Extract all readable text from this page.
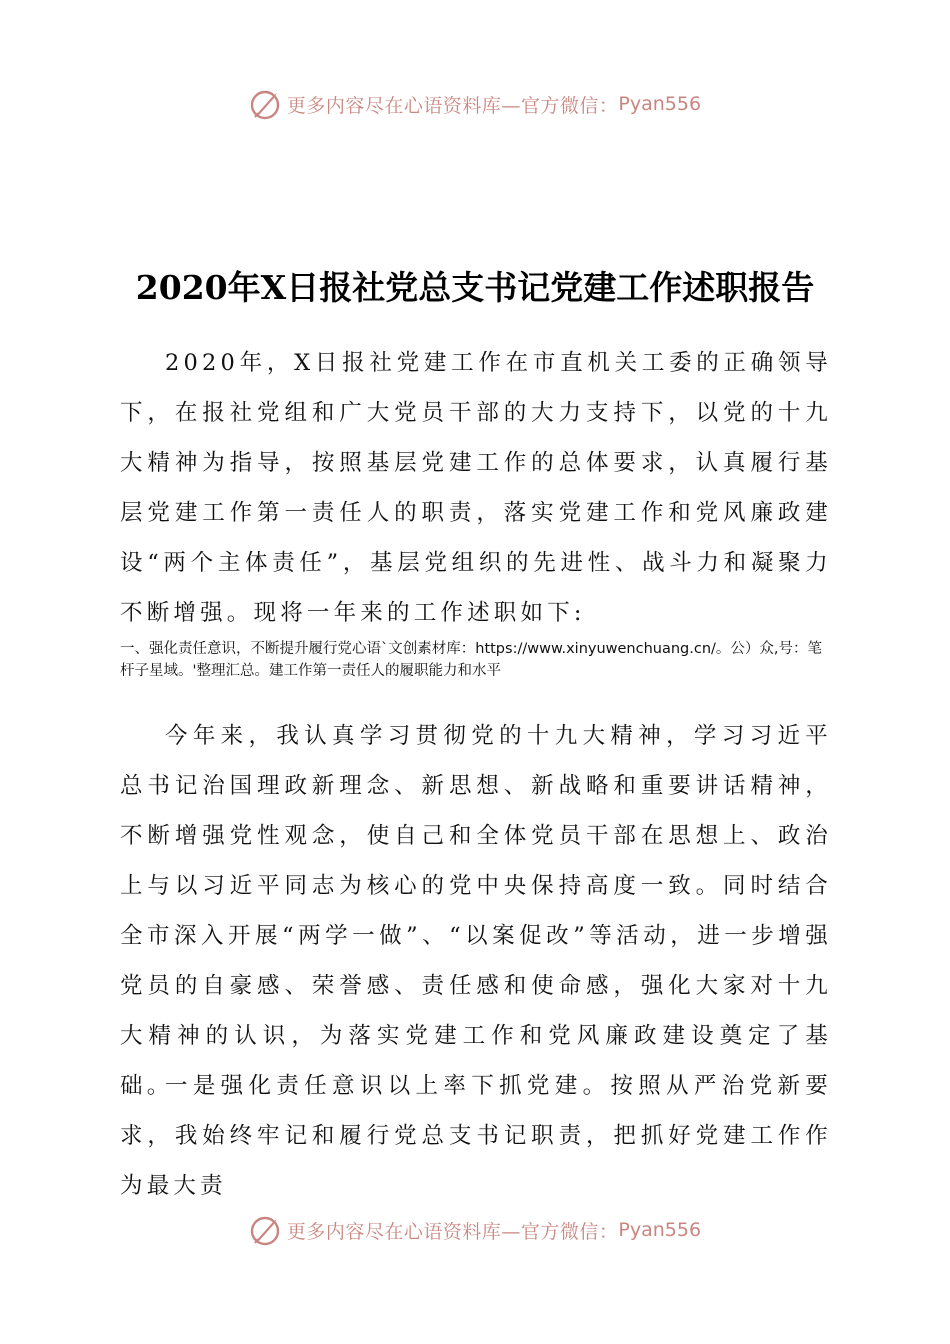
更多内容尽在心语资料库—官方微信： Pyan556
2020年X日报社党总支书记党建工作述职报告

2020年，X日报社党建工作在市直机关工委的正确领导下，在报社党组和广大党员干部的大力支持下，以党的十九大精神为指导，按照基层党建工作的总体要求，认真履行基层党建工作第一责任人的职责，落实党建工作和党风廉政建设“两个主体责任”，基层党组织的先进性、战斗力和凝聚力不断增强。现将一年来的工作述职如下:

一、强化责任意识，不断提升履行党心语`文创素材库：https://www.xinyuwenchuang.cn/。公）众,号：笔杆子星域。'整理汇总。建工作第一责任人的履职能力和水平

今年来，我认真学习贯彻党的十九大精神，学习习近平总书记治国理政新理念、新思想、新战略和重要讲话精神，不断增强党性观念，使自己和全体党员干部在思想上、政治上与以习近平同志为核心的党中央保持高度一致。同时结合全市深入开展“两学一做”、“以案促改”等活动，进一步增强党员的自豪感、荣誉感、责任感和使命感，强化大家对十九大精神的认识，为落实党建工作和党风廉政建设奠定了基础。

一是强化责任意识以上率下抓党建。按照从严治党新要求，我始终牢记和履行党总支书记职责，把抓好党建工作作为最大责

更多内容尽在心语资料库—官方微信： Pyan556
